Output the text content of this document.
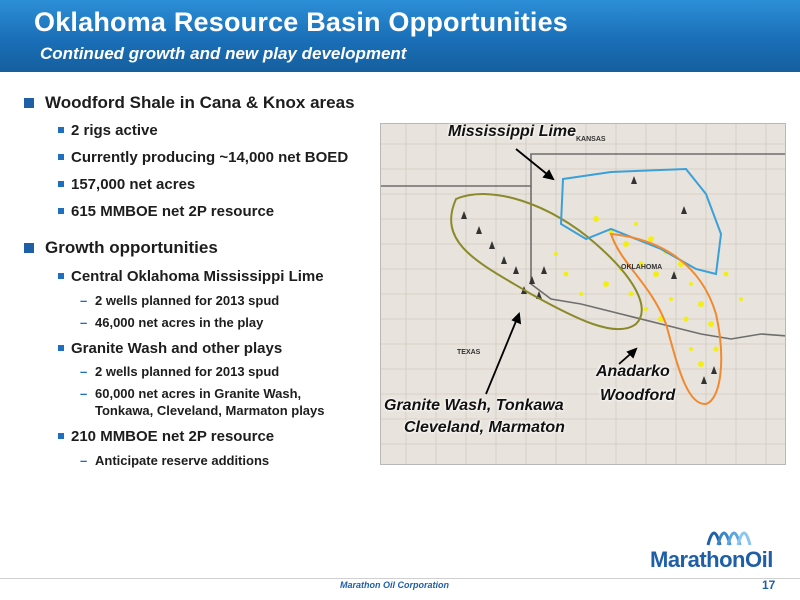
Oklahoma Resource Basin Opportunities
Continued growth and new play development
Woodford Shale in Cana & Knox areas
2 rigs active
Currently producing ~14,000 net BOED
157,000 net acres
615 MMBOE net 2P resource
Growth opportunities
Central Oklahoma Mississippi Lime
– 2 wells planned for 2013 spud
– 46,000 net acres in the play
Granite Wash and other plays
– 2 wells planned for 2013 spud
– 60,000 net acres in Granite Wash,
Tonkawa, Cleveland, Marmaton plays
210 MMBOE net 2P resource
– Anticipate reserve additions
OKLAHOMA
TEXAS
KANSAS
Mississippi Lime
Granite Wash, Tonkawa
Cleveland, Marmaton
Anadarko
Woodford
MarathonOil
Marathon Oil Corporation	17
